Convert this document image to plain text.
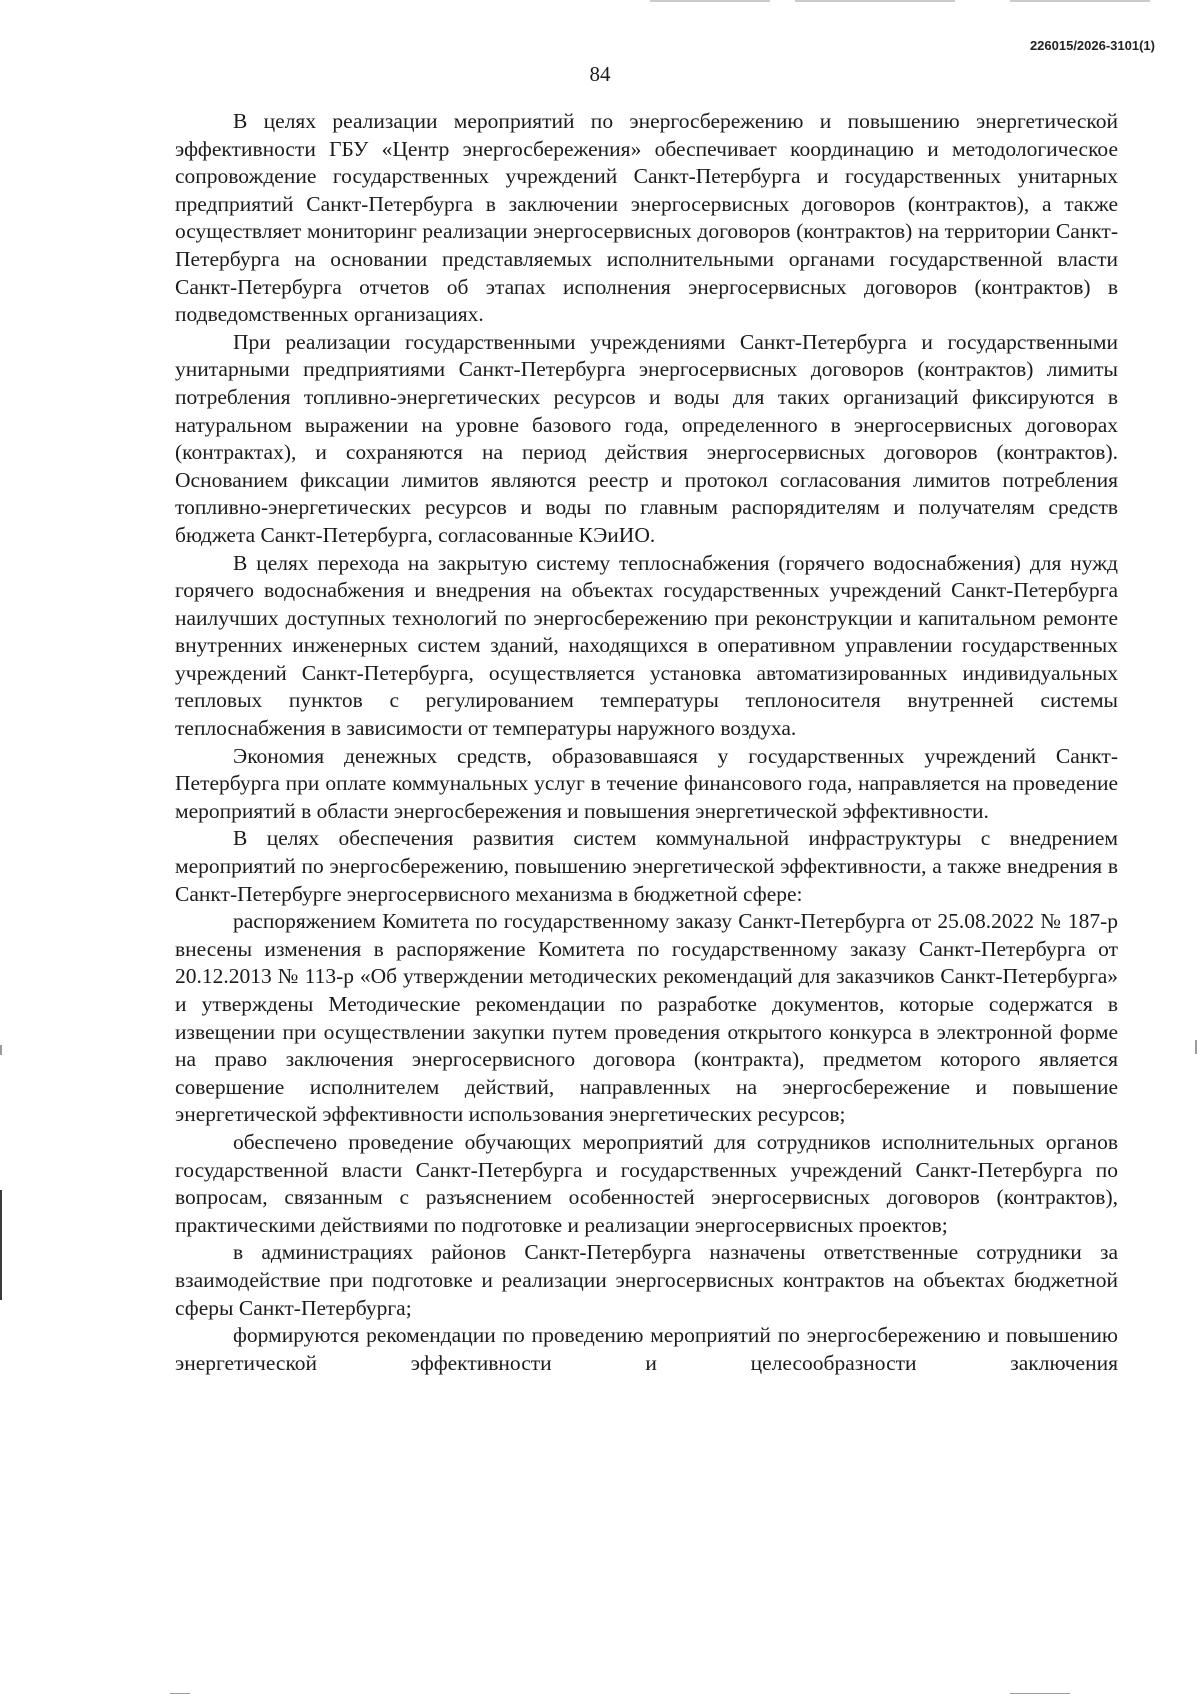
226015/2026-3101(1)
84

В целях реализации мероприятий по энергосбережению и повышению энергетической эффективности ГБУ «Центр энергосбережения» обеспечивает координацию и методологическое сопровождение государственных учреждений Санкт-Петербурга и государственных унитарных предприятий Санкт-Петербурга в заключении энергосервисных договоров (контрактов), а также осуществляет мониторинг реализации энергосервисных договоров (контрактов) на территории Санкт-Петербурга на основании представляемых исполнительными органами государственной власти Санкт-Петербурга отчетов об этапах исполнения энергосервисных договоров (контрактов) в подведомственных организациях.

При реализации государственными учреждениями Санкт-Петербурга и государственными унитарными предприятиями Санкт-Петербурга энергосервисных договоров (контрактов) лимиты потребления топливно-энергетических ресурсов и воды для таких организаций фиксируются в натуральном выражении на уровне базового года, определенного в энергосервисных договорах (контрактах), и сохраняются на период действия энергосервисных договоров (контрактов). Основанием фиксации лимитов являются реестр и протокол согласования лимитов потребления топливно-энергетических ресурсов и воды по главным распорядителям и получателям средств бюджета Санкт-Петербурга, согласованные КЭиИО.

В целях перехода на закрытую систему теплоснабжения (горячего водоснабжения) для нужд горячего водоснабжения и внедрения на объектах государственных учреждений Санкт-Петербурга наилучших доступных технологий по энергосбережению при реконструкции и капитальном ремонте внутренних инженерных систем зданий, находящихся в оперативном управлении государственных учреждений Санкт-Петербурга, осуществляется установка автоматизированных индивидуальных тепловых пунктов с регулированием температуры теплоносителя внутренней системы теплоснабжения в зависимости от температуры наружного воздуха.

Экономия денежных средств, образовавшаяся у государственных учреждений Санкт-Петербурга при оплате коммунальных услуг в течение финансового года, направляется на проведение мероприятий в области энергосбережения и повышения энергетической эффективности.

В целях обеспечения развития систем коммунальной инфраструктуры с внедрением мероприятий по энергосбережению, повышению энергетической эффективности, а также внедрения в Санкт-Петербурге энергосервисного механизма в бюджетной сфере:

распоряжением Комитета по государственному заказу Санкт-Петербурга от 25.08.2022 № 187-р внесены изменения в распоряжение Комитета по государственному заказу Санкт-Петербурга от 20.12.2013 № 113-р «Об утверждении методических рекомендаций для заказчиков Санкт-Петербурга» и утверждены Методические рекомендации по разработке документов, которые содержатся в извещении при осуществлении закупки путем проведения открытого конкурса в электронной форме на право заключения энергосервисного договора (контракта), предметом которого является совершение исполнителем действий, направленных на энергосбережение и повышение энергетической эффективности использования энергетических ресурсов;

обеспечено проведение обучающих мероприятий для сотрудников исполнительных органов государственной власти Санкт-Петербурга и государственных учреждений Санкт-Петербурга по вопросам, связанным с разъяснением особенностей энергосервисных договоров (контрактов), практическими действиями по подготовке и реализации энергосервисных проектов;

в администрациях районов Санкт-Петербурга назначены ответственные сотрудники за взаимодействие при подготовке и реализации энергосервисных контрактов на объектах бюджетной сферы Санкт-Петербурга;

формируются рекомендации по проведению мероприятий по энергосбережению и повышению энергетической эффективности и целесообразности заключения
